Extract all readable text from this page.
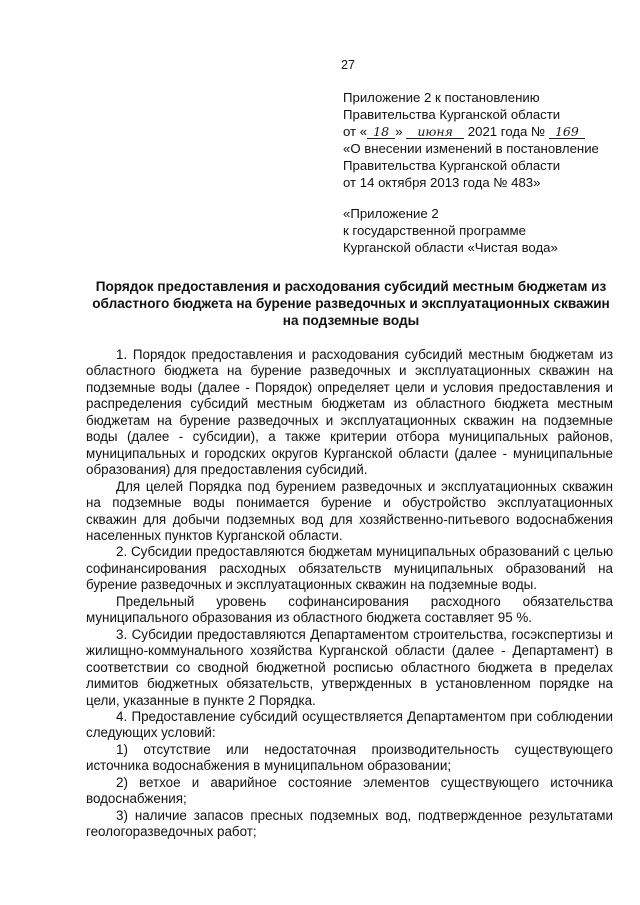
27
Приложение 2 к постановлению
Правительства Курганской области
от « 18 » июня 2021 года № 169
«О внесении изменений в постановление
Правительства Курганской области
от 14 октября 2013 года № 483»
«Приложение 2
к государственной программе
Курганской области «Чистая вода»
Порядок предоставления и расходования субсидий местным бюджетам из областного бюджета на бурение разведочных и эксплуатационных скважин на подземные воды

1. Порядок предоставления и расходования субсидий местным бюджетам из областного бюджета на бурение разведочных и эксплуатационных скважин на подземные воды (далее - Порядок) определяет цели и условия предоставления и распределения субсидий местным бюджетам из областного бюджета местным бюджетам на бурение разведочных и эксплуатационных скважин на подземные воды (далее - субсидии), а также критерии отбора муниципальных районов, муниципальных и городских округов Курганской области (далее - муниципальные образования) для предоставления субсидий.

Для целей Порядка под бурением разведочных и эксплуатационных скважин на подземные воды понимается бурение и обустройство эксплуатационных скважин для добычи подземных вод для хозяйственно-питьевого водоснабжения населенных пунктов Курганской области.

2. Субсидии предоставляются бюджетам муниципальных образований с целью софинансирования расходных обязательств муниципальных образований на бурение разведочных и эксплуатационных скважин на подземные воды.

Предельный уровень софинансирования расходного обязательства муниципального образования из областного бюджета составляет 95 %.

3. Субсидии предоставляются Департаментом строительства, госэкспертизы и жилищно-коммунального хозяйства Курганской области (далее - Департамент) в соответствии со сводной бюджетной росписью областного бюджета в пределах лимитов бюджетных обязательств, утвержденных в установленном порядке на цели, указанные в пункте 2 Порядка.

4. Предоставление субсидий осуществляется Департаментом при соблюдении следующих условий:

1) отсутствие или недостаточная производительность существующего источника водоснабжения в муниципальном образовании;

2) ветхое и аварийное состояние элементов существующего источника водоснабжения;

3) наличие запасов пресных подземных вод, подтвержденное результатами геологоразведочных работ;
